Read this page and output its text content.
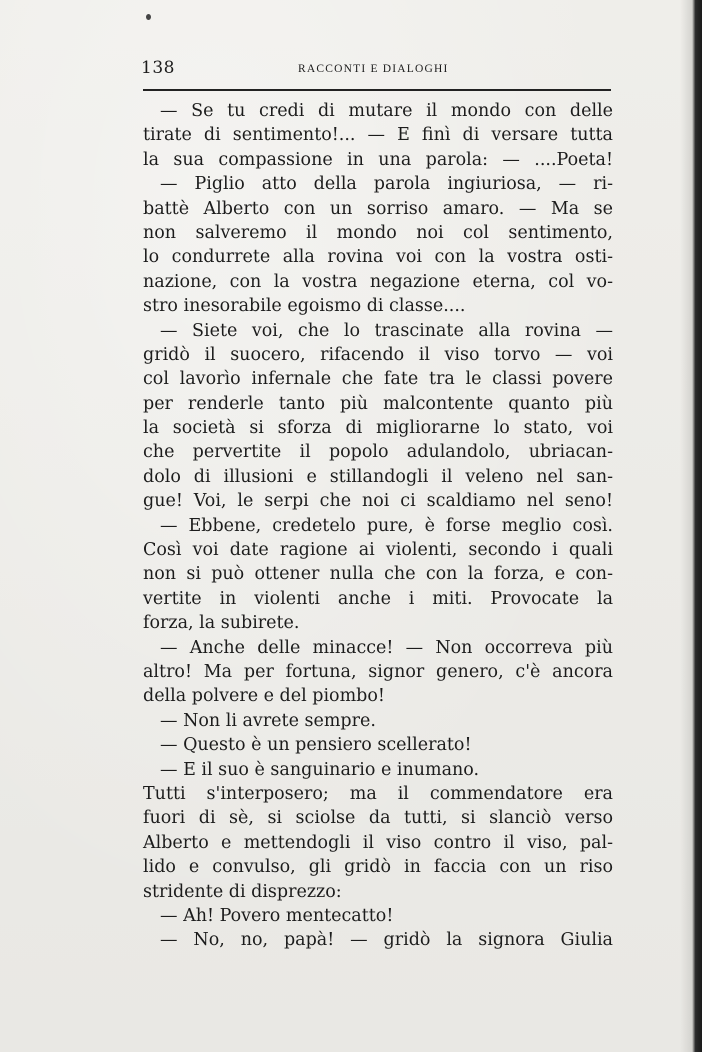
138	RACCONTI E DIALOGHI
— Se tu credi di mutare il mondo con delle
tirate di sentimento!... — E finì di versare tutta
la sua compassione in una parola: — ....Poeta!
— Piglio atto della parola ingiuriosa, — ri-
battè Alberto con un sorriso amaro. — Ma se
non salveremo il mondo noi col sentimento,
lo condurrete alla rovina voi con la vostra osti-
nazione, con la vostra negazione eterna, col vo-
stro inesorabile egoismo di classe....
— Siete voi, che lo trascinate alla rovina —
gridò il suocero, rifacendo il viso torvo — voi
col lavorìo infernale che fate tra le classi povere
per renderle tanto più malcontente quanto più
la società si sforza di migliorarne lo stato, voi
che pervertite il popolo adulandolo, ubriacan-
dolo di illusioni e stillandogli il veleno nel san-
gue! Voi, le serpi che noi ci scaldiamo nel seno!
— Ebbene, credetelo pure, è forse meglio così.
Così voi date ragione ai violenti, secondo i quali
non si può ottener nulla che con la forza, e con-
vertite in violenti anche i miti. Provocate la
forza, la subirete.
— Anche delle minacce! — Non occorreva più
altro! Ma per fortuna, signor genero, c'è ancora
della polvere e del piombo!
— Non li avrete sempre.
— Questo è un pensiero scellerato!
— E il suo è sanguinario e inumano.
Tutti s'interposero; ma il commendatore era
fuori di sè, si sciolse da tutti, si slanciò verso
Alberto e mettendogli il viso contro il viso, pal-
lido e convulso, gli gridò in faccia con un riso
stridente di disprezzo:
— Ah! Povero mentecatto!
— No, no, papà! — gridò la signora Giulia
